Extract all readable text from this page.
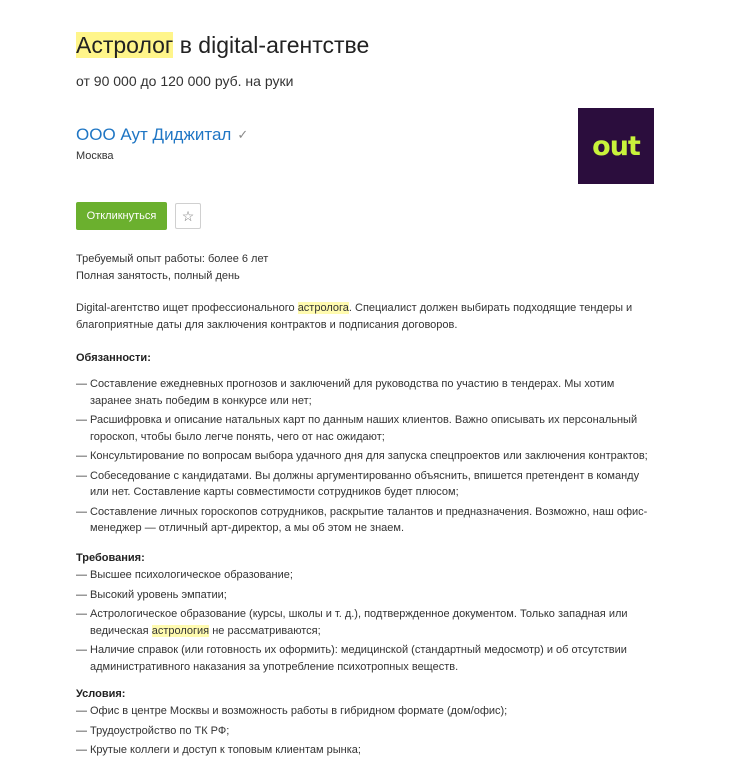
Астролог в digital-агентстве
от 90 000 до 120 000 руб. на руки
ООО Аут Диджитал ✓
Москва	out
Откликнуться	☆
Требуемый опыт работы: более 6 лет
Полная занятость, полный день
Digital-агентство ищет профессионального астролога. Специалист должен выбирать подходящие тендеры и благоприятные даты для заключения контрактов и подписания договоров.
Обязанности:
— Составление ежедневных прогнозов и заключений для руководства по участию в тендерах. Мы хотим заранее знать победим в конкурсе или нет;
— Расшифровка и описание натальных карт по данным наших клиентов. Важно описывать их персональный гороскоп, чтобы было легче понять, чего от нас ожидают;
— Консультирование по вопросам выбора удачного дня для запуска спецпроектов или заключения контрактов;
— Собеседование с кандидатами. Вы должны аргументированно объяснить, впишется претендент в команду или нет. Составление карты совместимости сотрудников будет плюсом;
— Составление личных гороскопов сотрудников, раскрытие талантов и предназначения. Возможно, наш офис-менеджер — отличный арт-директор, а мы об этом не знаем.
Требования:
— Высшее психологическое образование;
— Высокий уровень эмпатии;
— Астрологическое образование (курсы, школы и т. д.), подтвержденное документом. Только западная или ведическая астрология не рассматриваются;
— Наличие справок (или готовность их оформить): медицинской (стандартный медосмотр) и об отсутствии административного наказания за употребление психотропных веществ.
Условия:
— Офис в центре Москвы и возможность работы в гибридном формате (дом/офис);
— Трудоустройство по ТК РФ;
— Крутые коллеги и доступ к топовым клиентам рынка;
